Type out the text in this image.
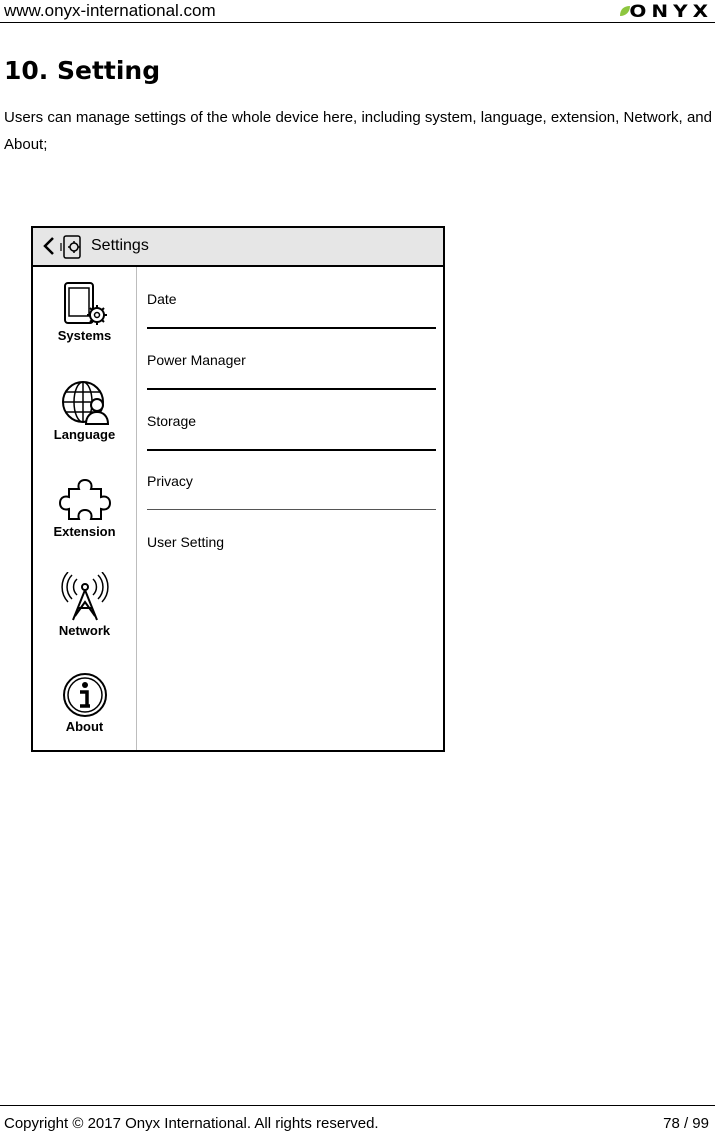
www.onyx-international.com	ONYX
10. Setting

Users can manage settings of the whole device here, including system, language, extension, Network, and About;

Settings
Systems
Language
Extension
Network
About
Date
Power Manager
Storage
Privacy
User Setting
Copyright © 2017 Onyx International. All rights reserved.	78 / 99
